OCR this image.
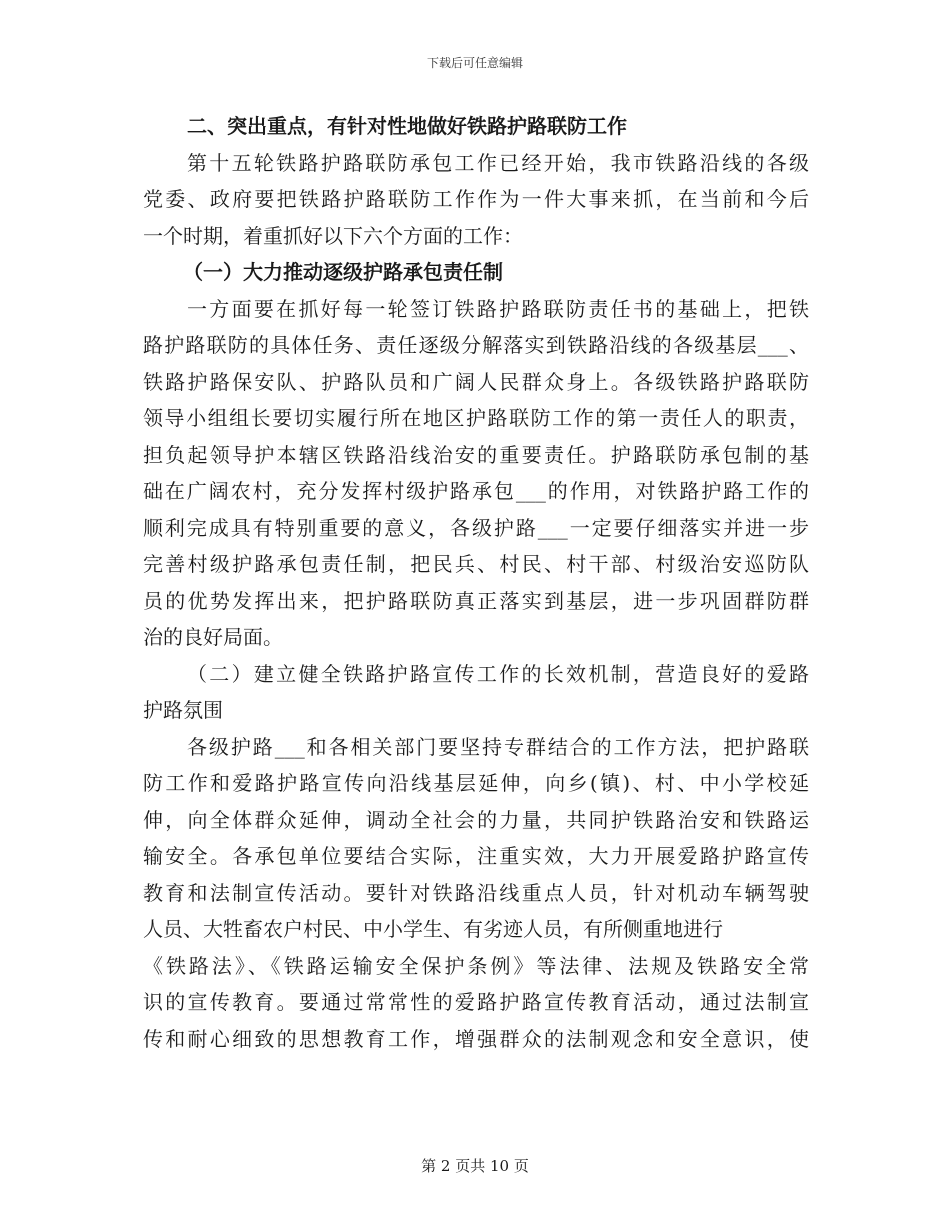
下载后可任意编辑
二、突出重点，有针对性地做好铁路护路联防工作
第十五轮铁路护路联防承包工作已经开始，我市铁路沿线的各级
党委、政府要把铁路护路联防工作作为一件大事来抓，在当前和今后
一个时期，着重抓好以下六个方面的工作：
（一）大力推动逐级护路承包责任制
一方面要在抓好每一轮签订铁路护路联防责任书的基础上，把铁
路护路联防的具体任务、责任逐级分解落实到铁路沿线的各级基层___、
铁路护路保安队、护路队员和广阔人民群众身上。各级铁路护路联防
领导小组组长要切实履行所在地区护路联防工作的第一责任人的职责，
担负起领导护本辖区铁路沿线治安的重要责任。护路联防承包制的基
础在广阔农村，充分发挥村级护路承包___的作用，对铁路护路工作的
顺利完成具有特别重要的意义，各级护路___一定要仔细落实并进一步
完善村级护路承包责任制，把民兵、村民、村干部、村级治安巡防队
员的优势发挥出来，把护路联防真正落实到基层，进一步巩固群防群
治的良好局面。
（二）建立健全铁路护路宣传工作的长效机制，营造良好的爱路
护路氛围
各级护路___和各相关部门要坚持专群结合的工作方法，把护路联
防工作和爱路护路宣传向沿线基层延伸，向乡(镇)、村、中小学校延
伸，向全体群众延伸，调动全社会的力量，共同护铁路治安和铁路运
输安全。各承包单位要结合实际，注重实效，大力开展爱路护路宣传
教育和法制宣传活动。要针对铁路沿线重点人员，针对机动车辆驾驶
人员、大牲畜农户村民、中小学生、有劣迹人员，有所侧重地进行
《铁路法》、《铁路运输安全保护条例》等法律、法规及铁路安全常
识的宣传教育。要通过常常性的爱路护路宣传教育活动，通过法制宣
传和耐心细致的思想教育工作，增强群众的法制观念和安全意识，使
第 2 页共 10 页
